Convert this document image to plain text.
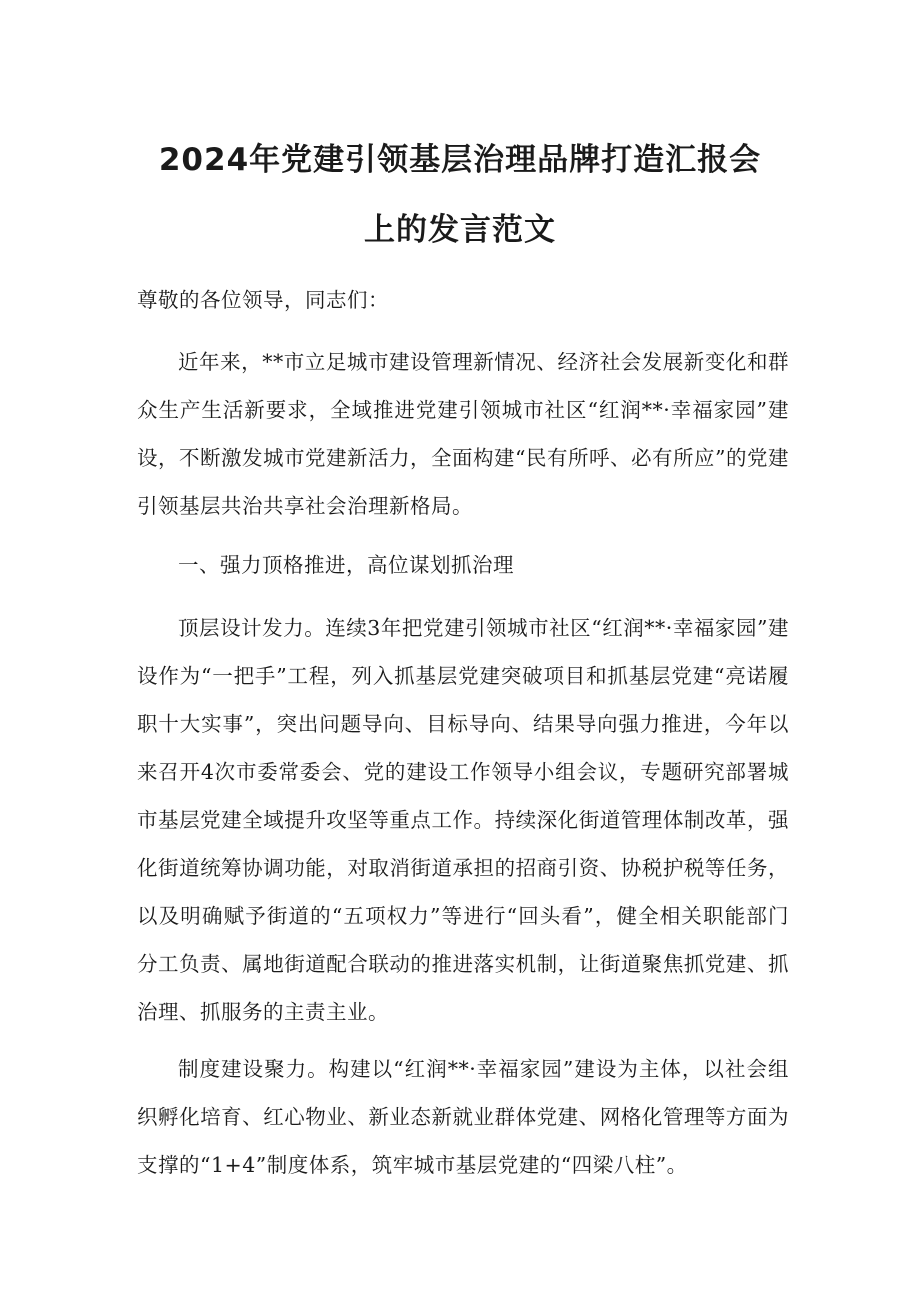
2024年党建引领基层治理品牌打造汇报会
上的发言范文

尊敬的各位领导，同志们：

近年来，**市立足城市建设管理新情况、经济社会发展新变化和群众生产生活新要求，全域推进党建引领城市社区“红润**·幸福家园”建设，不断激发城市党建新活力，全面构建“民有所呼、必有所应”的党建引领基层共治共享社会治理新格局。

一、强力顶格推进，高位谋划抓治理

顶层设计发力。连续3年把党建引领城市社区“红润**·幸福家园”建设作为“一把手”工程，列入抓基层党建突破项目和抓基层党建“亮诺履职十大实事”，突出问题导向、目标导向、结果导向强力推进，今年以来召开4次市委常委会、党的建设工作领导小组会议，专题研究部署城市基层党建全域提升攻坚等重点工作。持续深化街道管理体制改革，强化街道统筹协调功能，对取消街道承担的招商引资、协税护税等任务，以及明确赋予街道的“五项权力”等进行“回头看”，健全相关职能部门分工负责、属地街道配合联动的推进落实机制，让街道聚焦抓党建、抓治理、抓服务的主责主业。

制度建设聚力。构建以“红润**·幸福家园”建设为主体，以社会组织孵化培育、红心物业、新业态新就业群体党建、网格化管理等方面为支撑的“1+4”制度体系，筑牢城市基层党建的“四梁八柱”。
